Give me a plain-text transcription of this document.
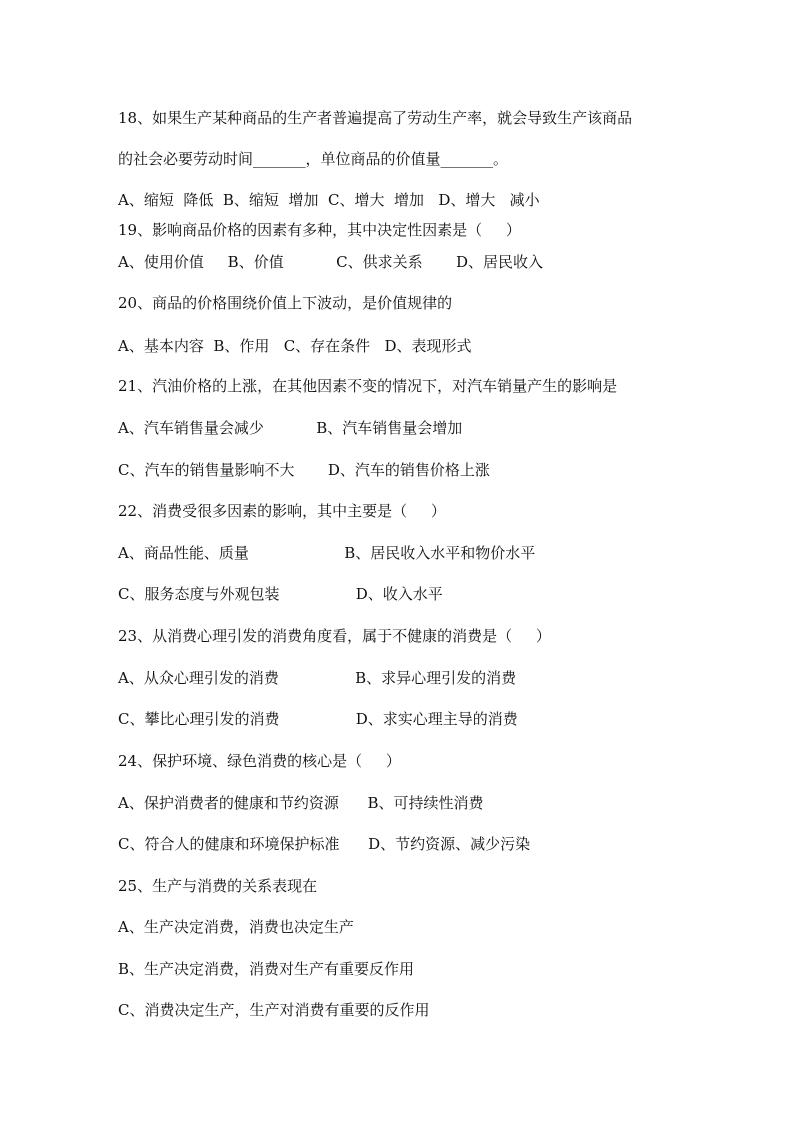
18、如果生产某种商品的生产者普遍提高了劳动生产率，就会导致生产该商品
的社会必要劳动时间_______，单位商品的价值量_______。
A、缩短  降低  B、缩短  增加  C、增大  增加   D、增大   减小
19、影响商品价格的因素有多种，其中决定性因素是（     ）
A、使用价值     B、价值           C、供求关系       D、居民收入
20、商品的价格围绕价值上下波动，是价值规律的
A、基本内容  B、作用   C、存在条件   D、表现形式
21、汽油价格的上涨，在其他因素不变的情况下，对汽车销量产生的影响是
A、汽车销售量会减少           B、汽车销售量会增加
C、汽车的销售量影响不大       D、汽车的销售价格上涨
22、消费受很多因素的影响，其中主要是（     ）
A、商品性能、质量                    B、居民收入水平和物价水平
C、服务态度与外观包装                D、收入水平
23、从消费心理引发的消费角度看，属于不健康的消费是（     ）
A、从众心理引发的消费                B、求异心理引发的消费
C、攀比心理引发的消费                D、求实心理主导的消费
24、保护环境、绿色消费的核心是（     ）
A、保护消费者的健康和节约资源      B、可持续性消费
C、符合人的健康和环境保护标准      D、节约资源、减少污染
25、生产与消费的关系表现在
A、生产决定消费，消费也决定生产
B、生产决定消费，消费对生产有重要反作用
C、消费决定生产，生产对消费有重要的反作用
